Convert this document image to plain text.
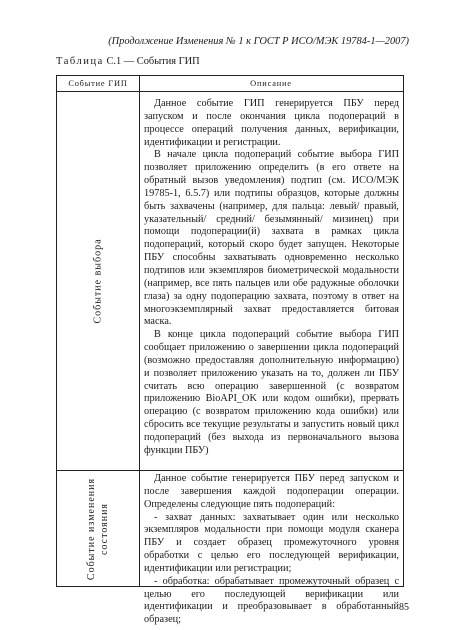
(Продолжение Изменения № 1 к ГОСТ Р ИСО/МЭК 19784-1—2007)
Таблица С.1 — События ГИП
Событие ГИП	Описание
Событие выбора

Данное событие ГИП генерируется ПБУ перед запуском и после окончания цикла подопераций в процессе операций получения данных, верификации, идентификации и регистрации.

В начале цикла подопераций событие выбора ГИП позволяет приложению определить (в его ответе на обратный вызов уведомления) подтип (см. ИСО/МЭК 19785-1, 6.5.7) или подтипы образцов, которые должны быть захвачены (например, для пальца: левый/ правый, указательный/ средний/ безымянный/ мизинец) при помощи подоперации(й) захвата в рамках цикла подопераций, который скоро будет запущен. Некоторые ПБУ способны захватывать одновременно несколько подтипов или экземпляров биометрической модальности (например, все пять пальцев или обе радужные оболочки глаза) за одну подоперацию захвата, поэтому в ответ на многоэкземплярный захват предоставляется битовая маска.

В конце цикла подопераций событие выбора ГИП сообщает приложению о завершении цикла подопераций (возможно предоставляя дополнительную информацию) и позволяет приложению указать на то, должен ли ПБУ считать всю операцию завершенной (с возвратом приложению BioAPI_OK или кодом ошибки), прервать операцию (с возвратом приложению кода ошибки) или сбросить все текущие результаты и запустить новый цикл подопераций (без выхода из первоначального вызова функции ПБУ)

Событие изменения состояния

Данное событие генерируется ПБУ перед запуском и после завершения каждой подоперации операции. Определены следующие пять подопераций:

- захват данных: захватывает один или несколько экземпляров модальности при помощи модуля сканера ПБУ и создает образец промежуточного уровня обработки с целью его последующей верификации, идентификации или регистрации;

- обработка: обрабатывает промежуточный образец с целью его последующей верификации или идентификации и преобразовывает в обработанный образец;

85
